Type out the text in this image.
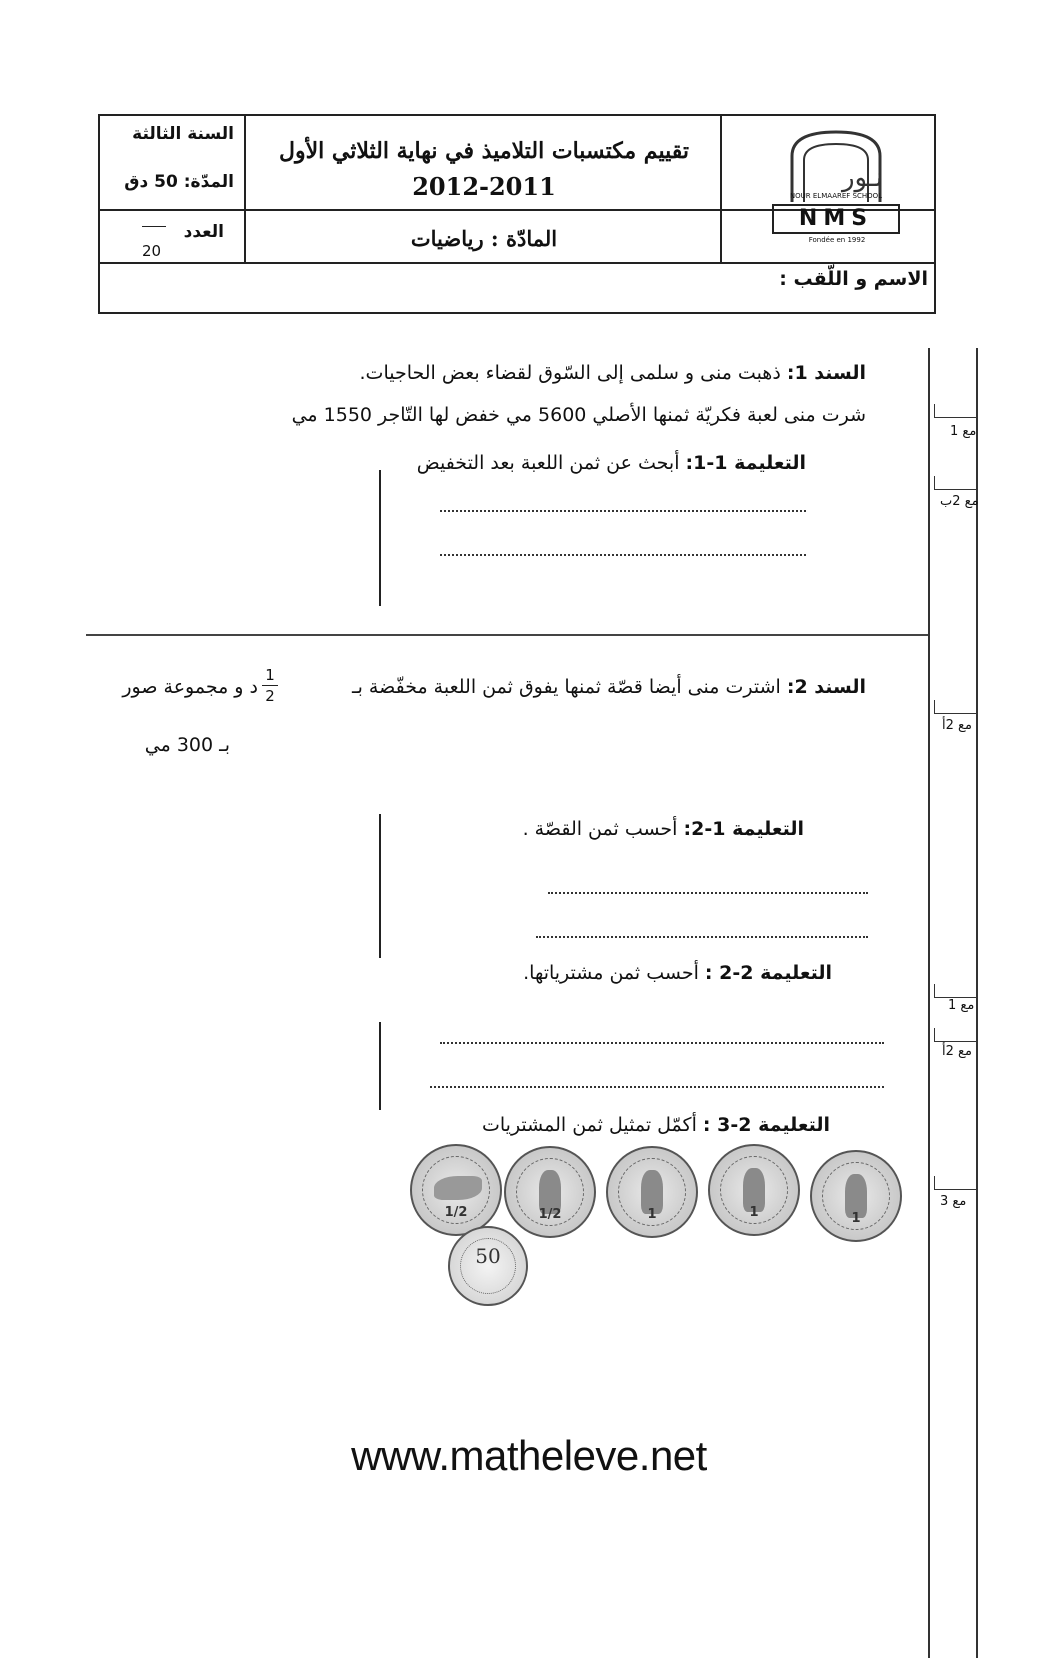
نـور
NMS
Fondée en 1992
NOUR ELMAAREF SCHOOL
تقييم مكتسبات التلاميذ في نهاية الثلاثي الأول
2012-2011
المادّة : رياضيات
السنة الثالثة
المدّة: 50 دق
العدد
20
الاسم و اللّقب :
مع 1
مع 2ب
مع 2أ
مع 1
مع 2أ
مع 3
السند 1: ذهبت منى و سلمى إلى السّوق لقضاء بعض الحاجيات.
شرت منى لعبة فكريّة ثمنها الأصلي 5600 مي خفض لها التّاجر 1550 مي
التعليمة 1-1: أبحث عن ثمن اللعبة بعد التخفيض
السند 2: اشترت منى أيضا قصّة ثمنها يفوق ثمن اللعبة مخفّضة بـ
1
2
د و مجموعة صور
بـ 300 مي
التعليمة 1-2: أحسب ثمن القصّة .
التعليمة 2-2 : أحسب ثمن مشترياتها.
التعليمة 2-3 : أكمّل تمثيل ثمن المشتريات
1
1
1
1/2
1/2
50
www.matheleve.net
